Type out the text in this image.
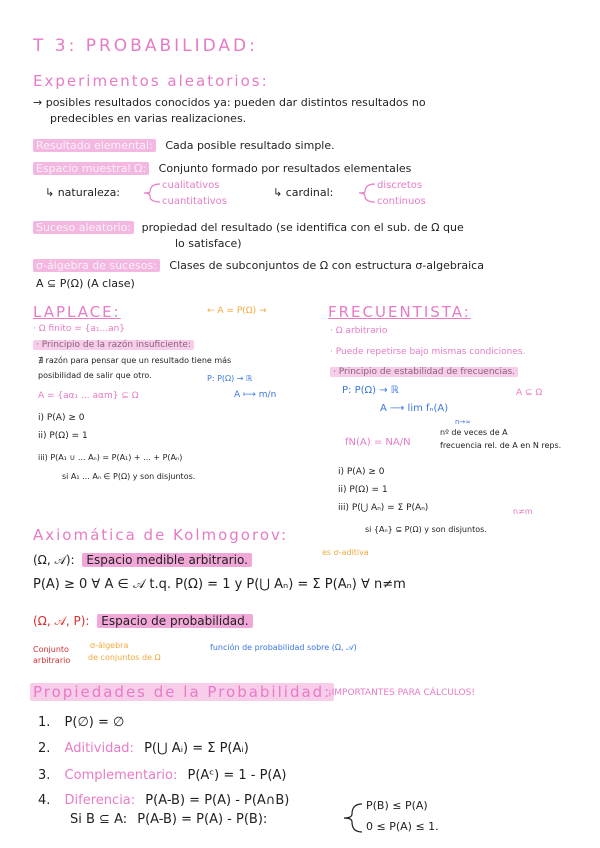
T 3: PROBABILIDAD:
Experimentos aleatorios:
→ posibles resultados conocidos ya: pueden dar distintos resultados no
predecibles en varias realizaciones.
Resultado elemental: Cada posible resultado simple.
Espacio muestral Ω: Conjunto formado por resultados elementales
↳ naturaleza:
cualitativos
cuantitativos
↳ cardinal:
discretos
continuos
Suceso aleatorio: propiedad del resultado (se identifica con el sub. de Ω que
lo satisface)
σ-álgebra de sucesos: Clases de subconjuntos de Ω con estructura σ-algebraica
A ⊆ P(Ω) (A clase)
LAPLACE:	← A = P(Ω) →
· Ω finito = {a₁...an}
· Principio de la razón insuficiente:
∄ razón para pensar que un resultado tiene más
posibilidad de salir que otro.	P: P(Ω) → ℝ
A = {aα₁ ... aαm} ⊆ Ω	A ⟼ m/n
i) P(A) ≥ 0
ii) P(Ω) = 1
iii) P(A₁ ∪ ... Aₙ) = P(A₁) + ... + P(Aₙ)
si A₁ ... Aₙ ∈ P(Ω) y son disjuntos.
FRECUENTISTA:
· Ω arbitrario
· Puede repetirse bajo mismas condiciones.
· Principio de estabilidad de frecuencias.
P: P(Ω) → ℝ	A ⊆ Ω
A ⟶ lim fₙ(A)
n→∞
fN(A) = NA/N
nº de veces de A
frecuencia rel. de A en N reps.
i) P(A) ≥ 0
ii) P(Ω) = 1
iii) P(⋃ Aₙ) = Σ P(Aₙ)	n≠m
si {Aₙ} ⊆ P(Ω) y son disjuntos.
Axiomática de Kolmogorov:
es σ-aditiva
(Ω, 𝒜): Espacio medible arbitrario.
P(A) ≥ 0 ∀ A ∈ 𝒜 t.q. P(Ω) = 1 y P(⋃ Aₙ) = Σ P(Aₙ) ∀ n≠m
(Ω, 𝒜, P): Espacio de probabilidad.
Conjunto
arbitrario
σ-álgebra
de conjuntos de Ω
función de probabilidad sobre (Ω, 𝒜)
Propiedades de la Probabilidad:
¡IMPORTANTES PARA CÁLCULOS!
1. P(∅) = ∅
2. Aditividad: P(⋃ Aᵢ) = Σ P(Aᵢ)
3. Complementario: P(Aᶜ) = 1 - P(A)
4. Diferencia: P(A-B) = P(A) - P(A∩B)
Si B ⊆ A: P(A-B) = P(A) - P(B):
P(B) ≤ P(A)
0 ≤ P(A) ≤ 1.
